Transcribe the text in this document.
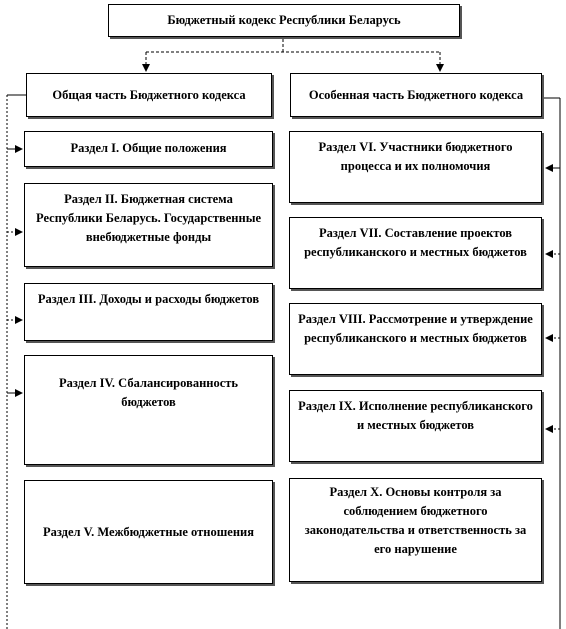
Бюджетный кодекс Республики Беларусь
Общая часть Бюджетного кодекса	Особенная часть Бюджетного кодекса
Раздел I. Общие положения
Раздел II. Бюджетная система Республики Беларусь. Государственные внебюджетные фонды
Раздел III. Доходы и расходы бюджетов
Раздел IV. Сбалансированность бюджетов
Раздел V. Межбюджетные отношения
Раздел VI. Участники бюджетного процесса и их полномочия
Раздел VII. Составление проектов республиканского и местных бюджетов
Раздел VIII. Рассмотрение и утверждение республиканского и местных бюджетов
Раздел IX. Исполнение республиканского и местных бюджетов
Раздел X. Основы контроля за соблюдением бюджетного законодательства и ответственность за его нарушение
